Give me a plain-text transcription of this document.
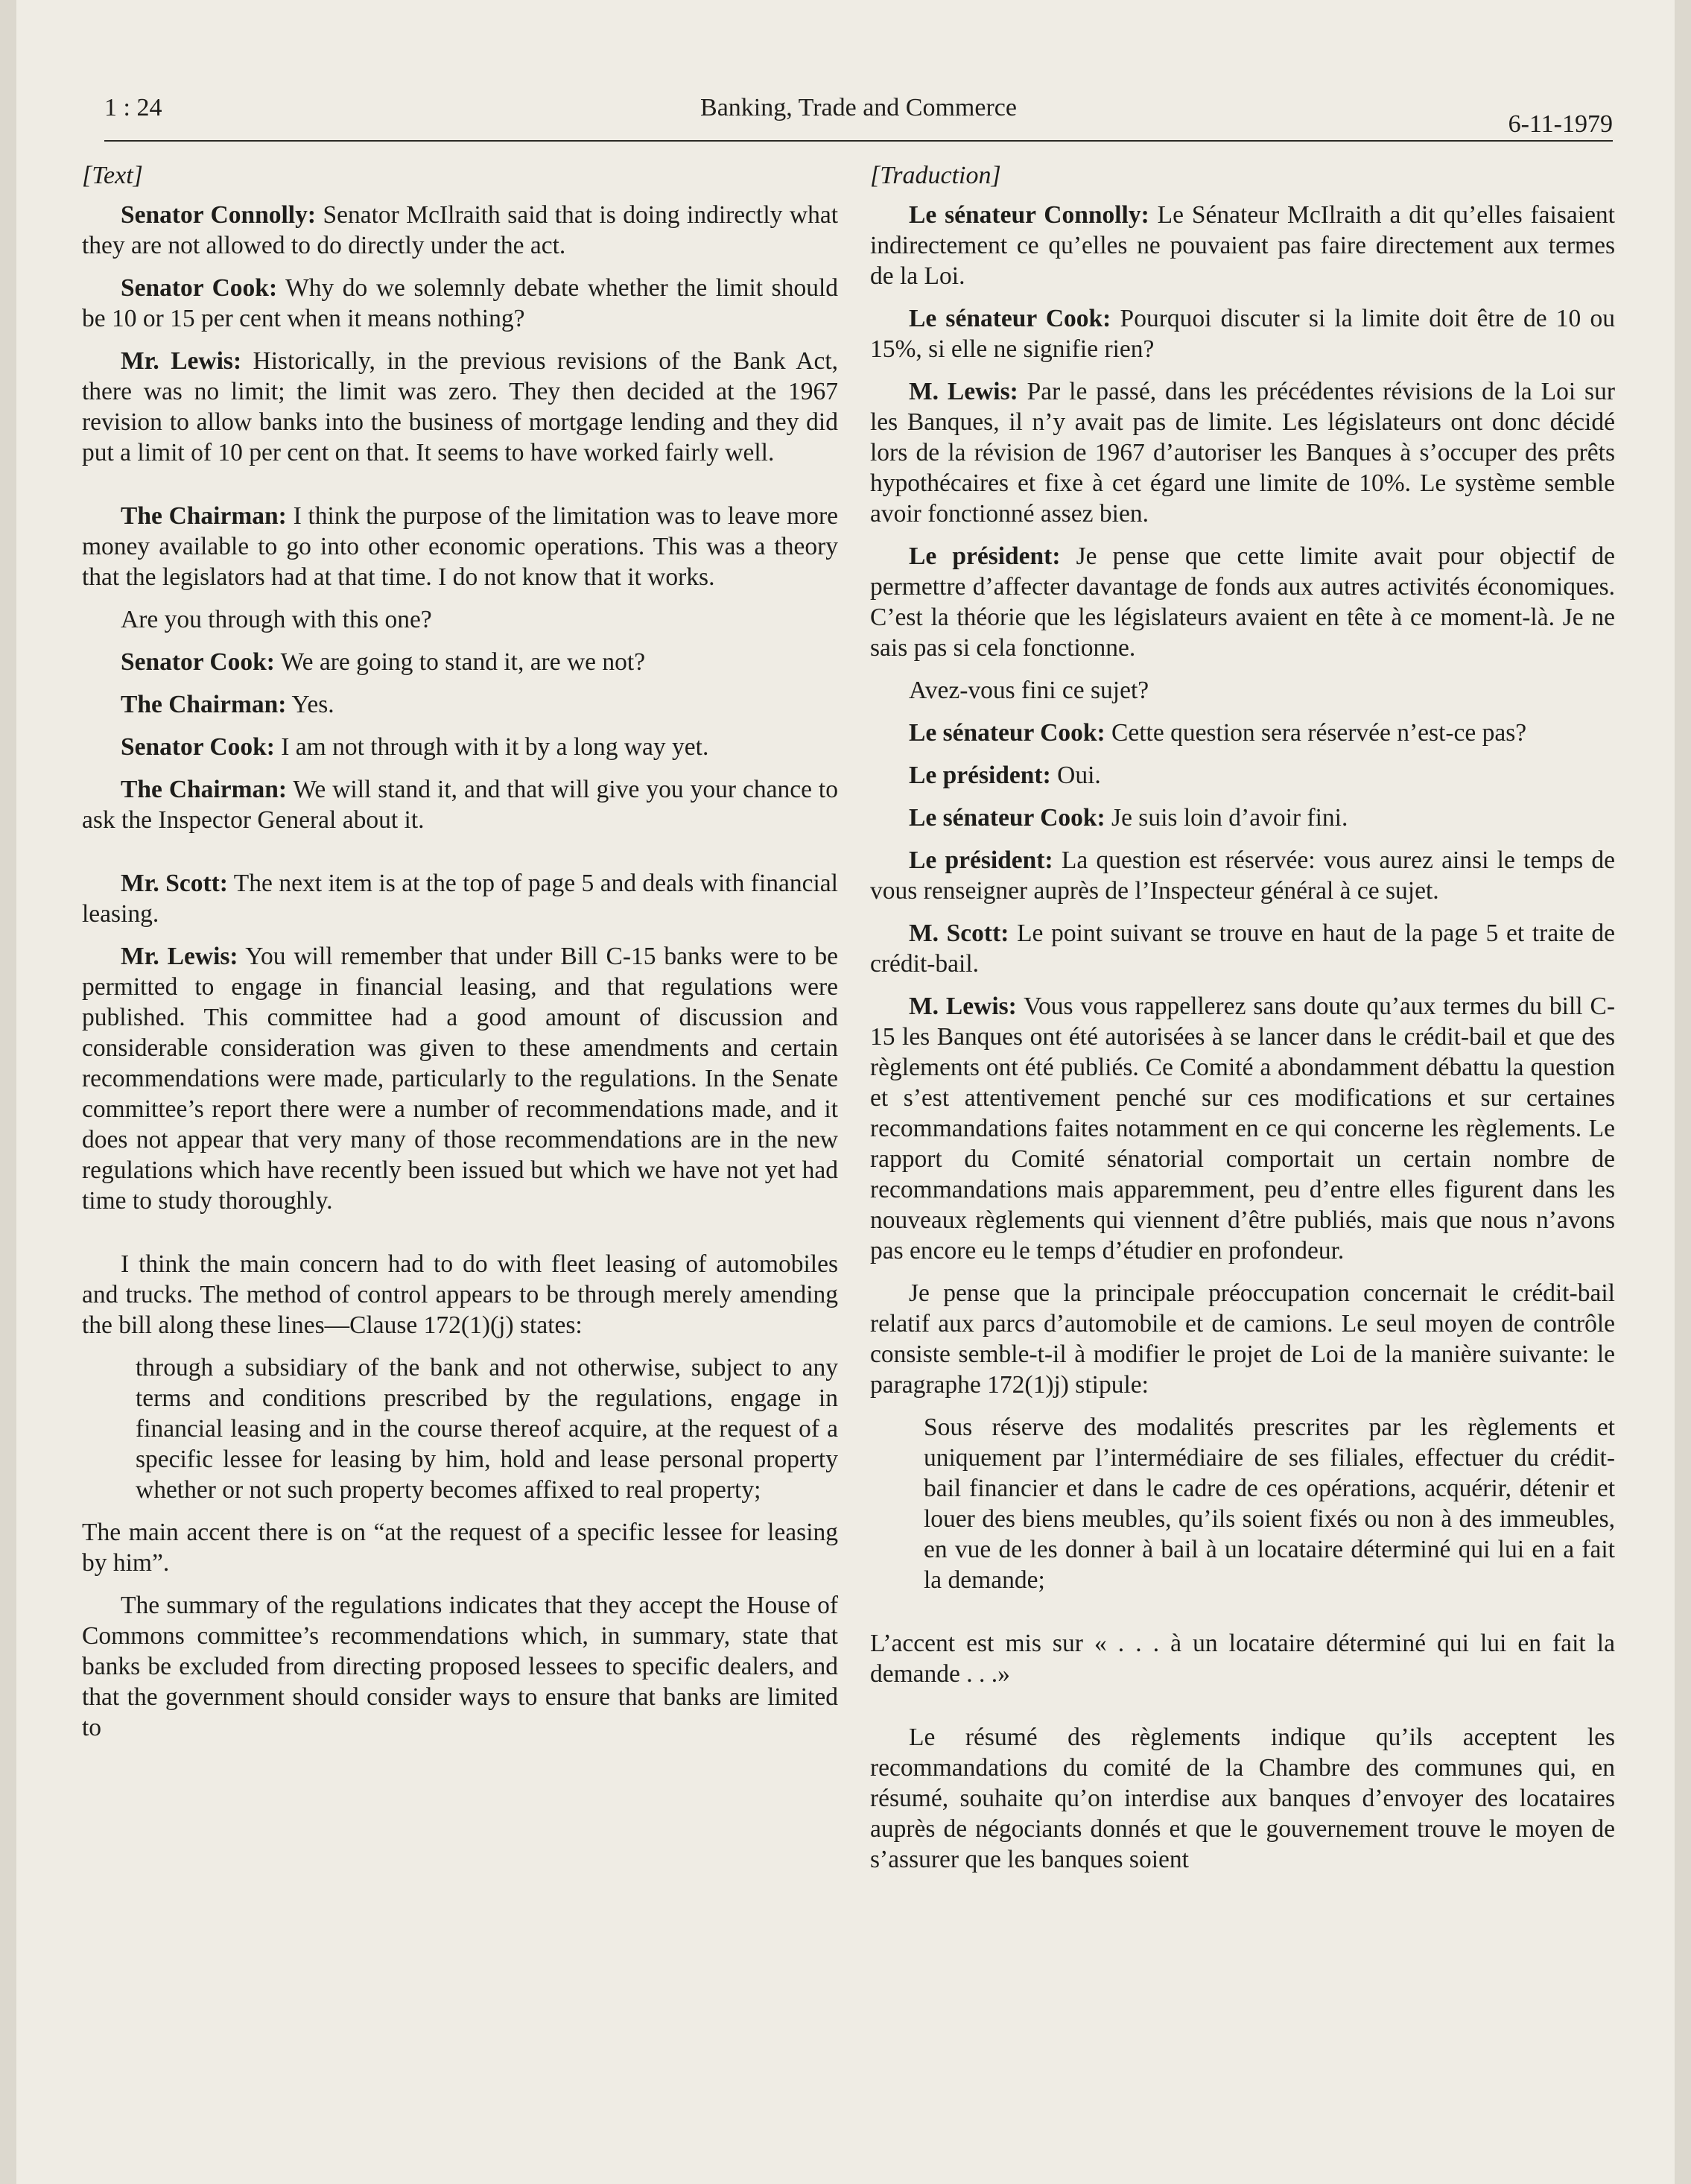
1 : 24	Banking, Trade and Commerce
6-11-1979
[Text]

Senator Connolly: Senator McIlraith said that is doing indirectly what they are not allowed to do directly under the act.

Senator Cook: Why do we solemnly debate whether the limit should be 10 or 15 per cent when it means nothing?

Mr. Lewis: Historically, in the previous revisions of the Bank Act, there was no limit; the limit was zero. They then decided at the 1967 revision to allow banks into the business of mortgage lending and they did put a limit of 10 per cent on that. It seems to have worked fairly well.

The Chairman: I think the purpose of the limitation was to leave more money available to go into other economic operations. This was a theory that the legislators had at that time. I do not know that it works.

Are you through with this one?

Senator Cook: We are going to stand it, are we not?

The Chairman: Yes.

Senator Cook: I am not through with it by a long way yet.

The Chairman: We will stand it, and that will give you your chance to ask the Inspector General about it.

Mr. Scott: The next item is at the top of page 5 and deals with financial leasing.

Mr. Lewis: You will remember that under Bill C-15 banks were to be permitted to engage in financial leasing, and that regulations were published. This committee had a good amount of discussion and considerable consideration was given to these amendments and certain recommendations were made, particularly to the regulations. In the Senate committee’s report there were a number of recommendations made, and it does not appear that very many of those recommendations are in the new regulations which have recently been issued but which we have not yet had time to study thoroughly.

I think the main concern had to do with fleet leasing of automobiles and trucks. The method of control appears to be through merely amending the bill along these lines—Clause 172(1)(j) states:

through a subsidiary of the bank and not otherwise, subject to any terms and conditions prescribed by the regulations, engage in financial leasing and in the course thereof acquire, at the request of a specific lessee for leasing by him, hold and lease personal property whether or not such property becomes affixed to real property;

The main accent there is on “at the request of a specific lessee for leasing by him”.

The summary of the regulations indicates that they accept the House of Commons committee’s recommendations which, in summary, state that banks be excluded from directing proposed lessees to specific dealers, and that the government should consider ways to ensure that banks are limited to

[Traduction]

Le sénateur Connolly: Le Sénateur McIlraith a dit qu’elles faisaient indirectement ce qu’elles ne pouvaient pas faire directement aux termes de la Loi.

Le sénateur Cook: Pourquoi discuter si la limite doit être de 10 ou 15%, si elle ne signifie rien?

M. Lewis: Par le passé, dans les précédentes révisions de la Loi sur les Banques, il n’y avait pas de limite. Les législateurs ont donc décidé lors de la révision de 1967 d’autoriser les Banques à s’occuper des prêts hypothécaires et fixe à cet égard une limite de 10%. Le système semble avoir fonctionné assez bien.

Le président: Je pense que cette limite avait pour objectif de permettre d’affecter davantage de fonds aux autres activités économiques. C’est la théorie que les législateurs avaient en tête à ce moment-là. Je ne sais pas si cela fonctionne.

Avez-vous fini ce sujet?

Le sénateur Cook: Cette question sera réservée n’est-ce pas?

Le président: Oui.

Le sénateur Cook: Je suis loin d’avoir fini.

Le président: La question est réservée: vous aurez ainsi le temps de vous renseigner auprès de l’Inspecteur général à ce sujet.

M. Scott: Le point suivant se trouve en haut de la page 5 et traite de crédit-bail.

M. Lewis: Vous vous rappellerez sans doute qu’aux termes du bill C-15 les Banques ont été autorisées à se lancer dans le crédit-bail et que des règlements ont été publiés. Ce Comité a abondamment débattu la question et s’est attentivement penché sur ces modifications et sur certaines recommandations faites notamment en ce qui concerne les règlements. Le rapport du Comité sénatorial comportait un certain nombre de recommandations mais apparemment, peu d’entre elles figurent dans les nouveaux règlements qui viennent d’être publiés, mais que nous n’avons pas encore eu le temps d’étudier en profondeur.

Je pense que la principale préoccupation concernait le crédit-bail relatif aux parcs d’automobile et de camions. Le seul moyen de contrôle consiste semble-t-il à modifier le projet de Loi de la manière suivante: le paragraphe 172(1)j) stipule:

Sous réserve des modalités prescrites par les règlements et uniquement par l’intermédiaire de ses filiales, effectuer du crédit-bail financier et dans le cadre de ces opérations, acquérir, détenir et louer des biens meubles, qu’ils soient fixés ou non à des immeubles, en vue de les donner à bail à un locataire déterminé qui lui en a fait la demande;

L’accent est mis sur « . . . à un locataire déterminé qui lui en fait la demande . . .»

Le résumé des règlements indique qu’ils acceptent les recommandations du comité de la Chambre des communes qui, en résumé, souhaite qu’on interdise aux banques d’envoyer des locataires auprès de négociants donnés et que le gouvernement trouve le moyen de s’assurer que les banques soient
